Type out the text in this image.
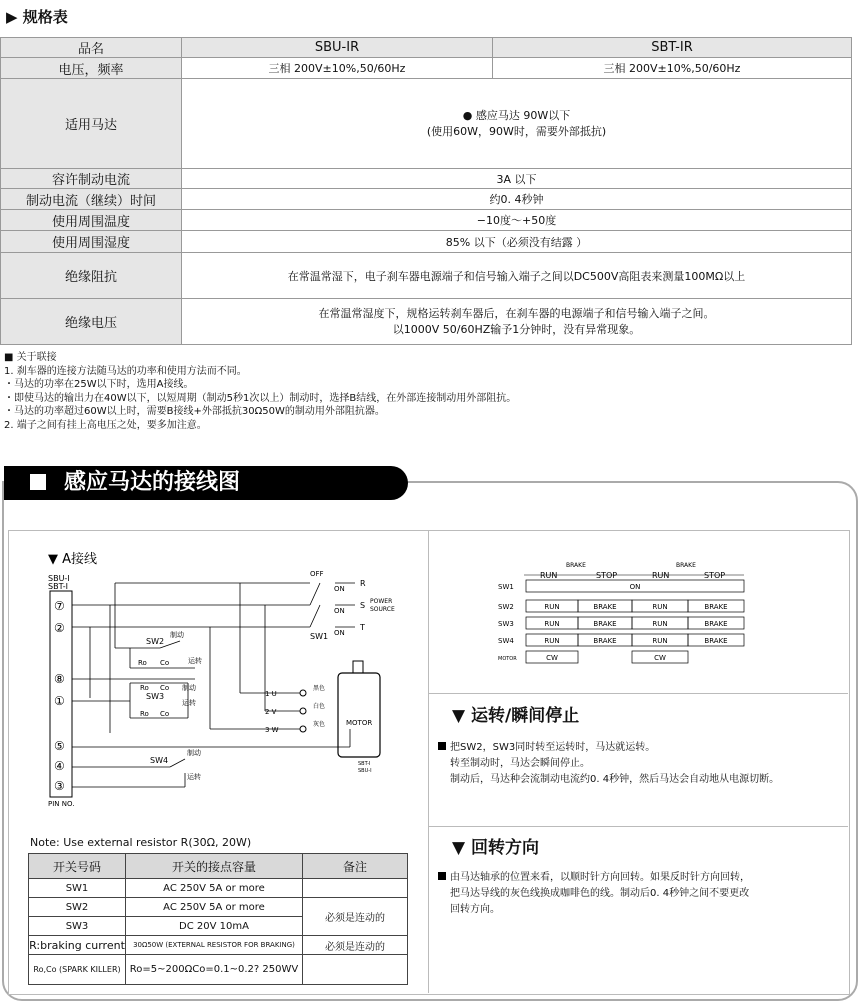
▶ 规格表
品名	SBU-IR	SBT-IR
电压，频率	三相 200V±10%,50/60Hz	三相 200V±10%,50/60Hz
适用马达	● 感应马达 90W以下
(使用60W，90W时，需要外部抵抗)	

容许制动电流	3A 以下	
制动电流（继续）时间	约0. 4秒钟	
使用周围温度	−10度～+50度	
使用周围湿度	85% 以下（必须没有结露 ）	
绝缘阻抗	在常温常湿下，电子刹车器电源端子和信号输入端子之间以DC500V高阻表来测量100MΩ以上	
绝缘电压	在常温常湿度下，规格运转刹车器后，在刹车器的电源端子和信号输入端子之间。
以1000V 50/60HZ输予1分钟时，没有异常现象。	
■ 关于联接
1. 刹车器的连接方法随马达的功率和使用方法而不同。
・马达的功率在25W以下时，选用A接线。
・即使马达的输出力在40W以下，以短周期（制动5秒1次以上）制动时，选择B结线，在外部连接制动用外部阻抗。
・马达的功率超过60W以上时，需要B接线+外部抵抗30Ω50W的制动用外部阻抗器。
2. 端子之间有挂上高电压之处，要多加注意。
感应马达的接线图
▼ A接线
SBU-I
SBT-I
⑦
②
⑧
①
⑤
④
③
PIN NO.
OFF
ON
ON
ON
R
S
T
POWER
SOURCE
SW1
SW2
SW3
SW4
制动
运转
制动
运转
制动
运转
Ro Co
Ro Co
Ro Co
1 U
2 V
3 W
黑色
白色
灰色	MOTOR
SBT-I
SBU-I
Note: Use external resistor R(30Ω, 20W)
开关号码	开关的接点容量	备注
SW1	AC 250V 5A or more	
SW2	AC 250V 5A or more	必须是连动的
SW3	DC 20V 10mA	
R:braking current	30Ω50W (EXTERNAL RESISTOR FOR BRAKING)	必须是连动的
Ro,Co (SPARK KILLER)	Ro=5~200ΩCo=0.1~0.2? 250WV	
BRAKE	BRAKE
RUN	STOP	RUN	STOP
SW1	ON
SW2	RUN	BRAKE	RUN	BRAKE
SW3	RUN	BRAKE	RUN	BRAKE
SW4	RUN	BRAKE	RUN	BRAKE
MOTOR	CW	CW
▼ 运转/瞬间停止
把SW2，SW3同时转至运转时，马达就运转。
转至制动时，马达会瞬间停止。
制动后，马达种会流制动电流约0. 4秒钟，然后马达会自动地从电源切断。
▼ 回转方向
由马达轴承的位置来看，以顺时针方向回转。如果反时针方向回转，
把马达导线的灰色线换成咖啡色的线。制动后0. 4秒钟之间不要更改
回转方向。
